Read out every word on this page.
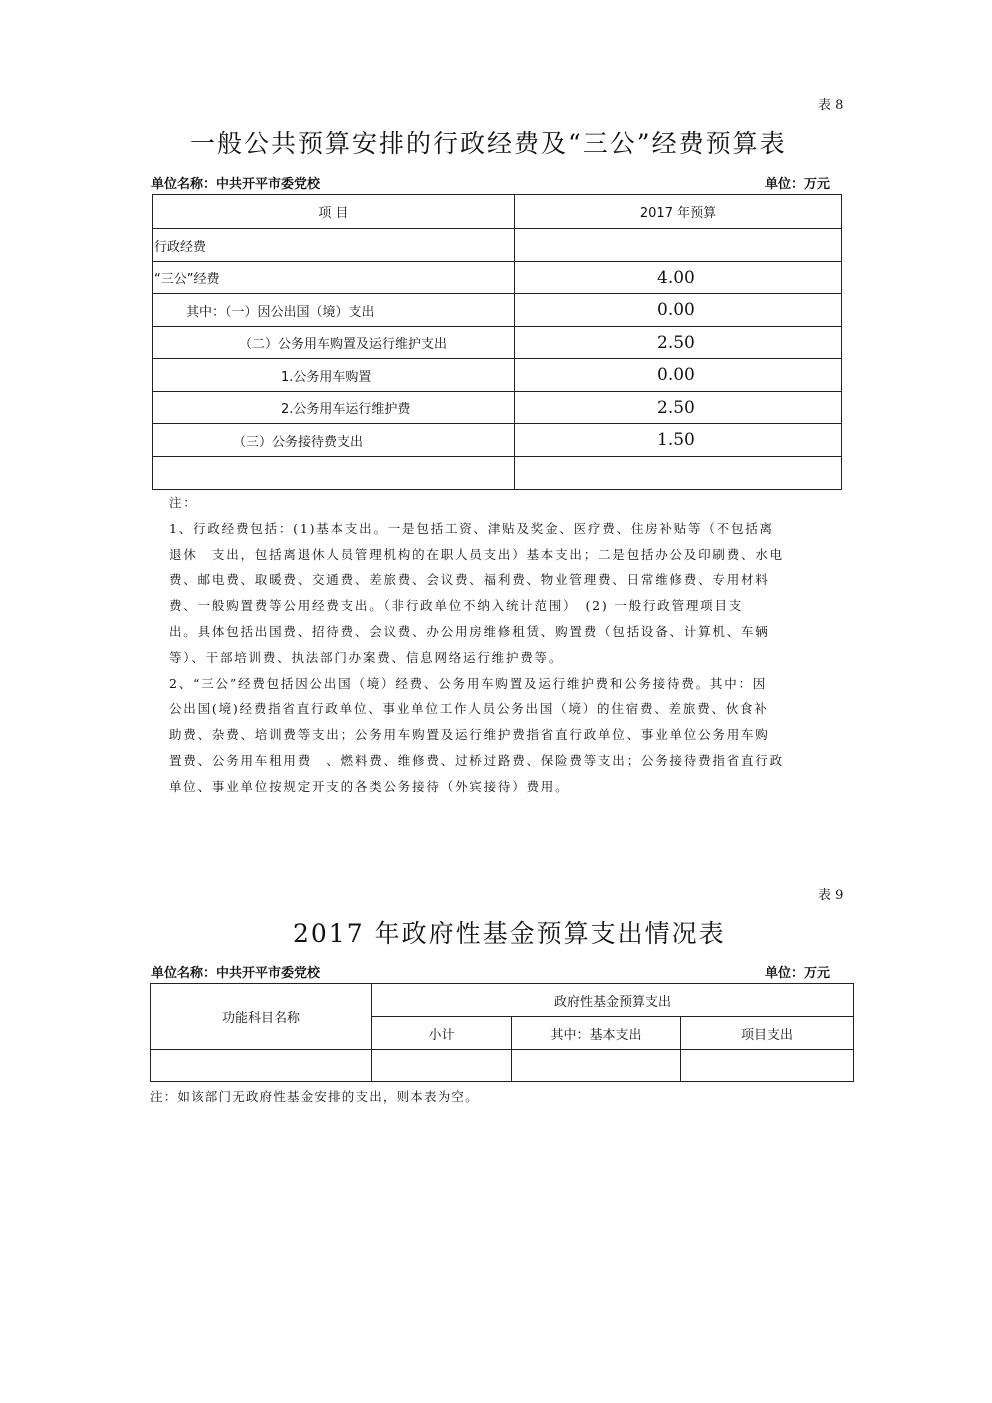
表 8
一般公共预算安排的行政经费及“三公”经费预算表
单位名称：中共开平市委党校	单位：万元
项 目	2017 年预算
行政经费	
“三公”经费	4.00
其中：（一）因公出国（境）支出	0.00
（二）公务用车购置及运行维护支出	2.50
1.公务用车购置	0.00
2.公务用车运行维护费	2.50
（三）公务接待费支出	1.50

注：

1、行政经费包括：(1)基本支出。一是包括工资、津贴及奖金、医疗费、住房补贴等（不包括离

退休　支出，包括离退休人员管理机构的在职人员支出）基本支出；二是包括办公及印刷费、水电

费、邮电费、取暖费、交通费、差旅费、会议费、福利费、物业管理费、日常维修费、专用材料

费、一般购置费等公用经费支出。（非行政单位不纳入统计范围）　(2) 一般行政管理项目支

出。具体包括出国费、招待费、会议费、办公用房维修租赁、购置费（包括设备、计算机、车辆

等）、干部培训费、执法部门办案费、信息网络运行维护费等。

2、“三公”经费包括因公出国（境）经费、公务用车购置及运行维护费和公务接待费。其中：因

公出国(境)经费指省直行政单位、事业单位工作人员公务出国（境）的住宿费、差旅费、伙食补

助费、杂费、培训费等支出；公务用车购置及运行维护费指省直行政单位、事业单位公务用车购

置费、公务用车租用费　、燃料费、维修费、过桥过路费、保险费等支出；公务接待费指省直行政

单位、事业单位按规定开支的各类公务接待（外宾接待）费用。

表 9
2017 年政府性基金预算支出情况表
单位名称：中共开平市委党校	单位：万元
功能科目名称	政府性基金预算支出		
	小计	其中：基本支出	项目支出

注：如该部门无政府性基金安排的支出，则本表为空。
